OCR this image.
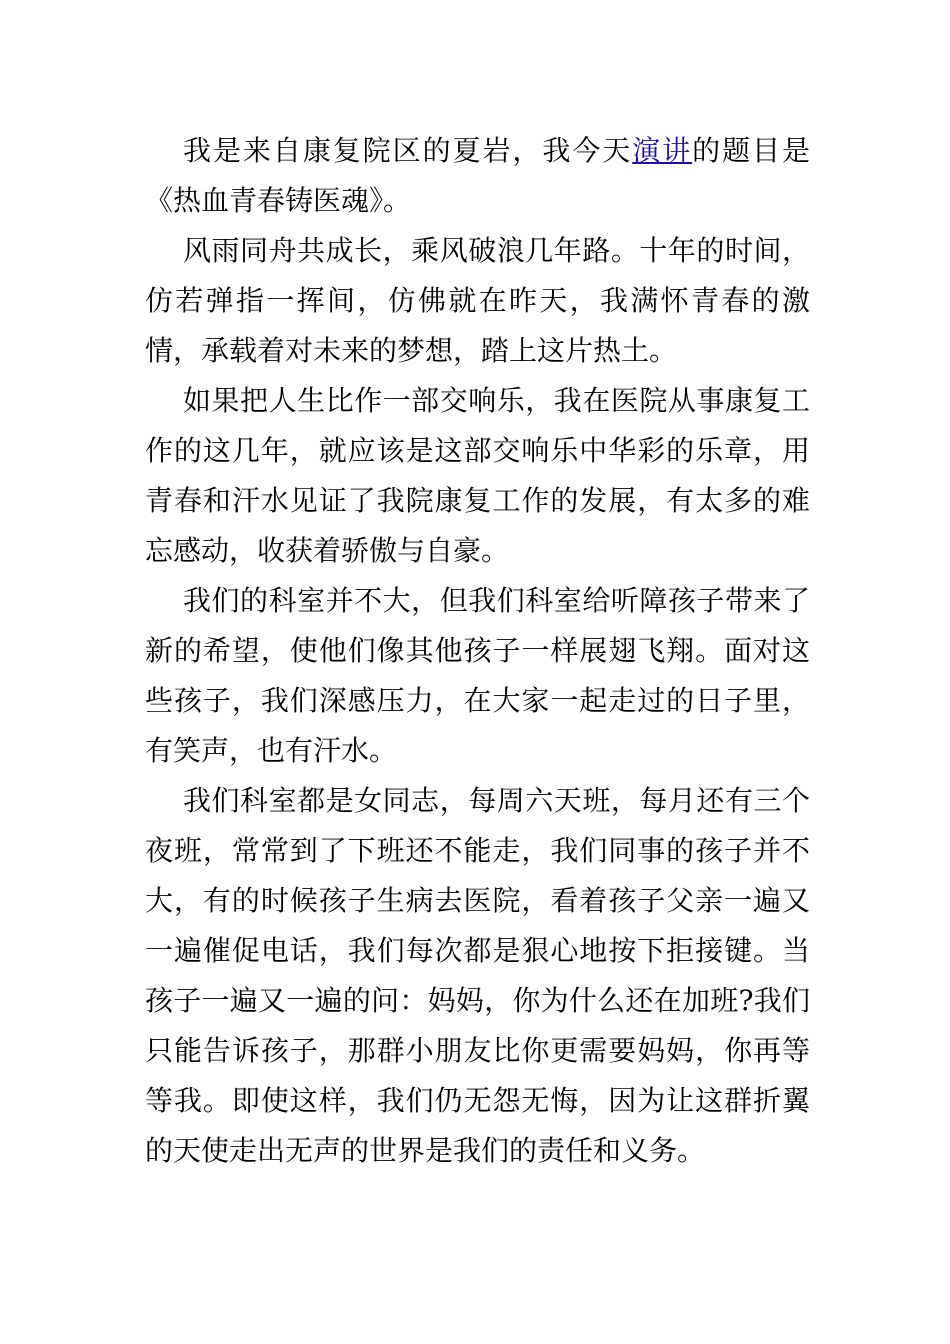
我是来自康复院区的夏岩，我今天演讲的题目是《热血青春铸医魂》。

风雨同舟共成长，乘风破浪几年路。十年的时间，仿若弹指一挥间，仿佛就在昨天，我满怀青春的激情，承载着对未来的梦想，踏上这片热土。

如果把人生比作一部交响乐，我在医院从事康复工作的这几年，就应该是这部交响乐中华彩的乐章，用青春和汗水见证了我院康复工作的发展，有太多的难忘感动，收获着骄傲与自豪。

我们的科室并不大，但我们科室给听障孩子带来了新的希望，使他们像其他孩子一样展翅飞翔。面对这些孩子，我们深感压力，在大家一起走过的日子里，有笑声，也有汗水。

我们科室都是女同志，每周六天班，每月还有三个夜班，常常到了下班还不能走，我们同事的孩子并不大，有的时候孩子生病去医院，看着孩子父亲一遍又一遍催促电话，我们每次都是狠心地按下拒接键。当孩子一遍又一遍的问：妈妈，你为什么还在加班?我们只能告诉孩子，那群小朋友比你更需要妈妈，你再等等我。即使这样，我们仍无怨无悔，因为让这群折翼的天使走出无声的世界是我们的责任和义务。
